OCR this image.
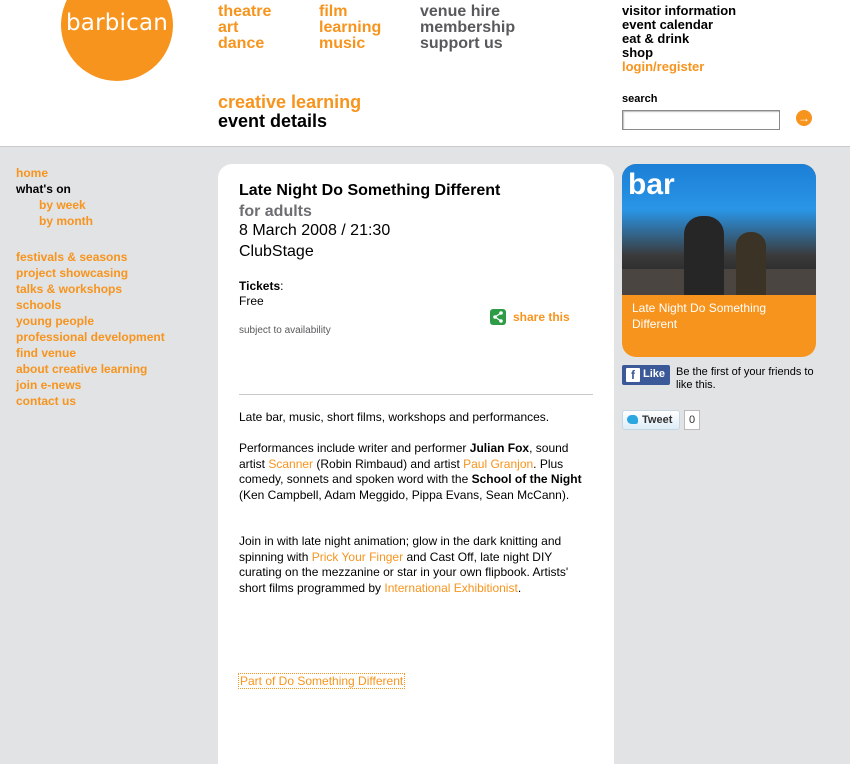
barbican	theatre
art
dance
film
learning
music
venue hire
membership
support us
visitor information
event calendar
eat & drink
shop
login/register
creative learning
event details
search
→
home
what's on
by week
by month
festivals & seasons
project showcasing
talks & workshops
schools
young people
professional development
find venue
about creative learning
join e-news
contact us
Late Night Do Something Different
for adults
8 March 2008 / 21:30
ClubStage
Tickets:
Free
subject to availability
share this
Late bar, music, short films, workshops and performances.
Performances include writer and performer Julian Fox, sound artist Scanner (Robin Rimbaud) and artist Paul Granjon. Plus comedy, sonnets and spoken word with the School of the Night (Ken Campbell, Adam Meggido, Pippa Evans, Sean McCann).
Join in with late night animation; glow in the dark knitting and spinning with Prick Your Finger and Cast Off, late night DIY curating on the mezzanine or star in your own flipbook. Artists' short films programmed by International Exhibitionist.
Part of Do Something Different
bar
Late Night Do Something Different
f Like Be the first of your friends to like this.
Tweet	0
